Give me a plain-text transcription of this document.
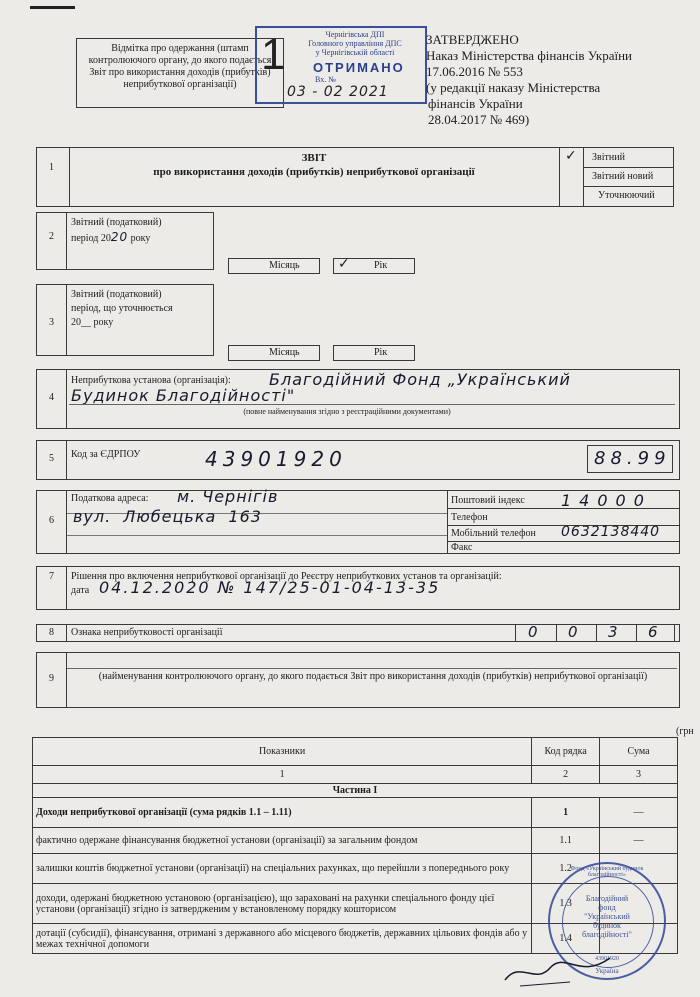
Відмітка про одержання (штамп контролюючого органу, до якого подається Звіт про використання доходів (прибутків) неприбуткової організації)
1	Чернігівська ДПІ
Головного управління ДПС
у Чернігівській області
ОТРИМАНО
Вх. №
03 - 02 2021
ЗАТВЕРДЖЕНО
Наказ Міністерства фінансів України
17.06.2016 № 553
(у редакції наказу Міністерства
фінансів України
28.04.2017 № 469)
1
ЗВІТ
про використання доходів (прибутків) неприбуткової організації
✓ Звітний
Звітний новий
Уточнюючий
2
Звітний (податковий)
період 2020 року
Місяць	✓ Рік
3
Звітний (податковий)
період, що уточнюється
20__ року
Місяць	Рік
4
Неприбуткова установа (організація): Благодійний Фонд „Український
Будинок Благодійності"
(повне найменування згідно з реєстраційними документами)
5 Код за ЄДРПОУ	43901920	88.99
6
Податкова адреса: м. Чернігів
вул. Любецька 163
Поштовий індекс 14000
Телефон
Мобільний телефон 0632138440
Факс
7 Рішення про включення неприбуткової організації до Реєстру неприбуткових установ та організацій:
дата 04.12.2020 № 147/25-01-04-13-35
8 Ознака неприбутковості організації	0 0 3 6
9	(найменування контролюючого органу, до якого подається Звіт про використання доходів (прибутків) неприбуткової організації)
(грн
Показники	Код рядка	Сума
1	2	3
Частина I		
Доходи неприбуткової організації (сума рядків 1.1 – 1.11)	1	—
фактично одержане фінансування бюджетної установи (організації) за загальним фондом	1.1	—
залишки коштів бюджетної установи (організації) на спеціальних рахунках, що перейшли з попереднього року	1.2	
доходи, одержані бюджетною установою (організацією), що зараховані на рахунки спеціального фонду цієї установи (організації) згідно із затвердженим у встановленому порядку кошторисом	1.3	
дотації (субсидії), фінансування, отримані з державного або місцевого бюджетів, державних цільових фондів або у межах технічної допомоги	1.4	
Фонд «Український будинок благодійності»
Благодійний
фонд
"Український
будинок
благодійності"
43901920
Україна
